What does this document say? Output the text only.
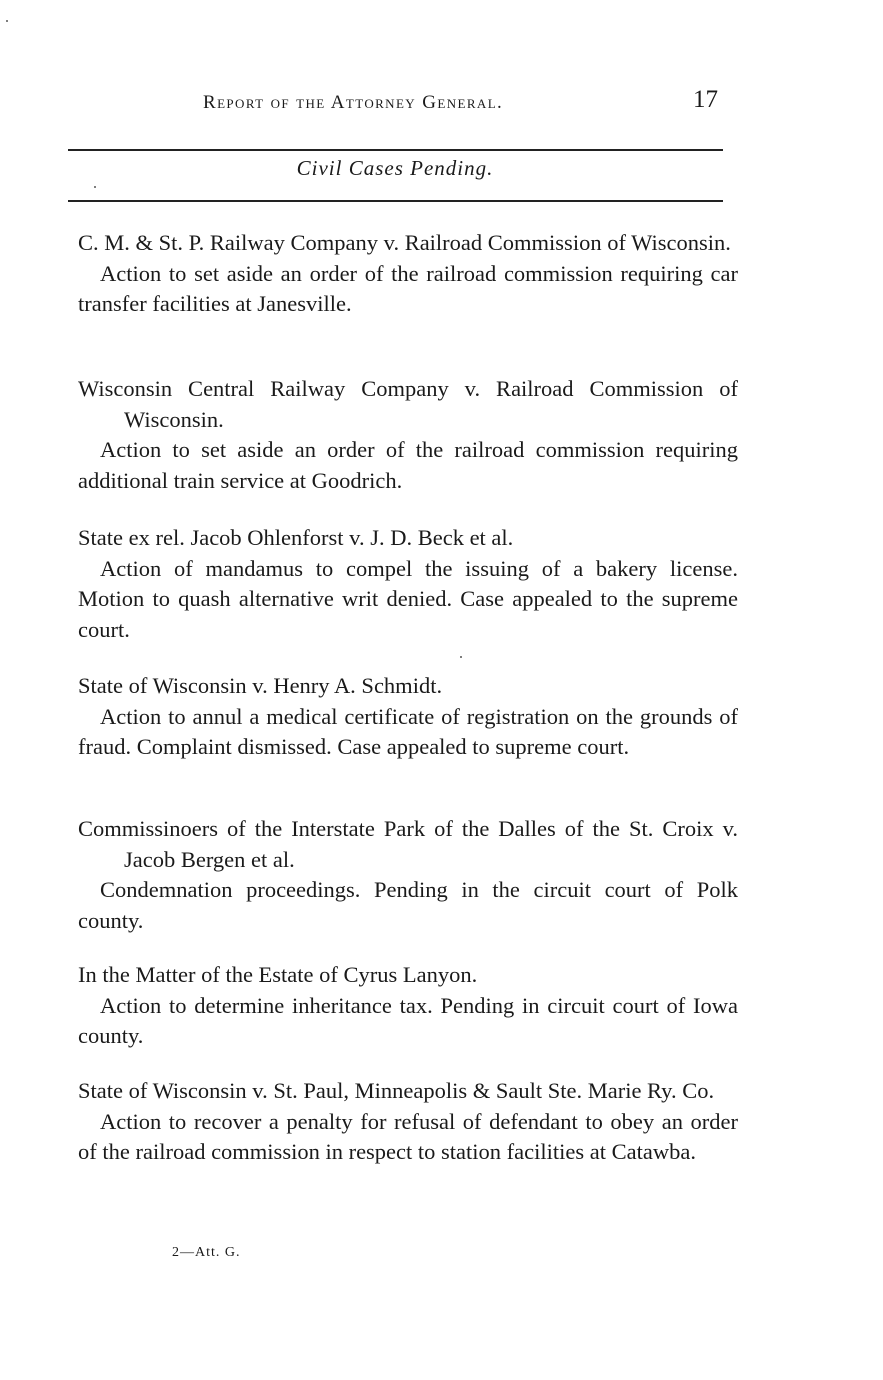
Report of the Attorney General.	17
Civil Cases Pending.
C. M. & St. P. Railway Company v. Railroad Commission of Wisconsin.
Action to set aside an order of the railroad commission requiring car transfer facilities at Janesville.
Wisconsin Central Railway Company v. Railroad Commission of Wisconsin.
Action to set aside an order of the railroad commission requiring additional train service at Goodrich.
State ex rel. Jacob Ohlenforst v. J. D. Beck et al.
Action of mandamus to compel the issuing of a bakery license. Motion to quash alternative writ denied. Case appealed to the supreme court.
State of Wisconsin v. Henry A. Schmidt.
Action to annul a medical certificate of registration on the grounds of fraud. Complaint dismissed. Case appealed to supreme court.
Commissinoers of the Interstate Park of the Dalles of the St. Croix v. Jacob Bergen et al.
Condemnation proceedings. Pending in the circuit court of Polk county.
In the Matter of the Estate of Cyrus Lanyon.
Action to determine inheritance tax. Pending in circuit court of Iowa county.
State of Wisconsin v. St. Paul, Minneapolis & Sault Ste. Marie Ry. Co.
Action to recover a penalty for refusal of defendant to obey an order of the railroad commission in respect to station facilities at Catawba.
2—Att. G.
